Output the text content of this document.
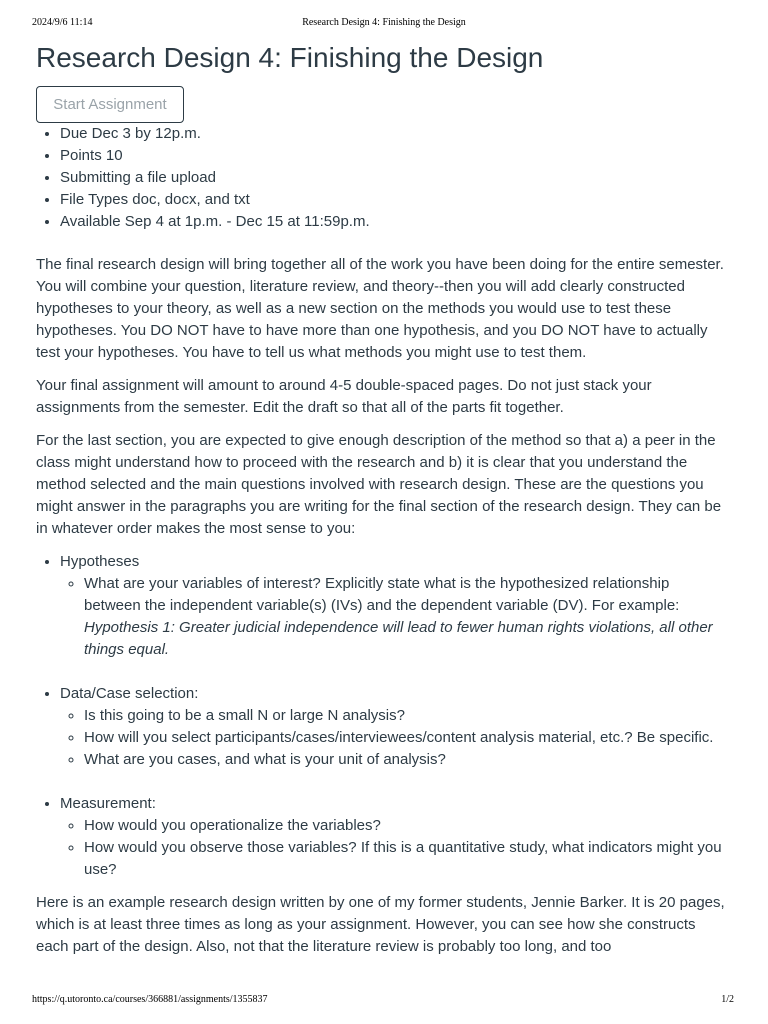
2024/9/6 11:14	Research Design 4: Finishing the Design
Research Design 4: Finishing the Design
Start Assignment
• Due Dec 3 by 12p.m.
• Points 10
• Submitting a file upload
• File Types doc, docx, and txt
• Available Sep 4 at 1p.m. - Dec 15 at 11:59p.m.

The final research design will bring together all of the work you have been doing for the entire semester. You will combine your question, literature review, and theory--then you will add clearly constructed hypotheses to your theory, as well as a new section on the methods you would use to test these hypotheses. You DO NOT have to have more than one hypothesis, and you DO NOT have to actually test your hypotheses. You have to tell us what methods you might use to test them.

Your final assignment will amount to around 4-5 double-spaced pages. Do not just stack your assignments from the semester. Edit the draft so that all of the parts fit together.

For the last section, you are expected to give enough description of the method so that a) a peer in the class might understand how to proceed with the research and b) it is clear that you understand the method selected and the main questions involved with research design. These are the questions you might answer in the paragraphs you are writing for the final section of the research design. They can be in whatever order makes the most sense to you:

• Hypotheses
◦ What are your variables of interest? Explicitly state what is the hypothesized relationship between the independent variable(s) (IVs) and the dependent variable (DV). For example: Hypothesis 1: Greater judicial independence will lead to fewer human rights violations, all other things equal.
• Data/Case selection:
◦ Is this going to be a small N or large N analysis?
◦ How will you select participants/cases/interviewees/content analysis material, etc.? Be specific.
◦ What are you cases, and what is your unit of analysis?
• Measurement:
◦ How would you operationalize the variables?
◦ How would you observe those variables? If this is a quantitative study, what indicators might you use?

Here is an example research design written by one of my former students, Jennie Barker. It is 20 pages, which is at least three times as long as your assignment. However, you can see how she constructs each part of the design. Also, not that the literature review is probably too long, and too

https://q.utoronto.ca/courses/366881/assignments/1355837	1/2
